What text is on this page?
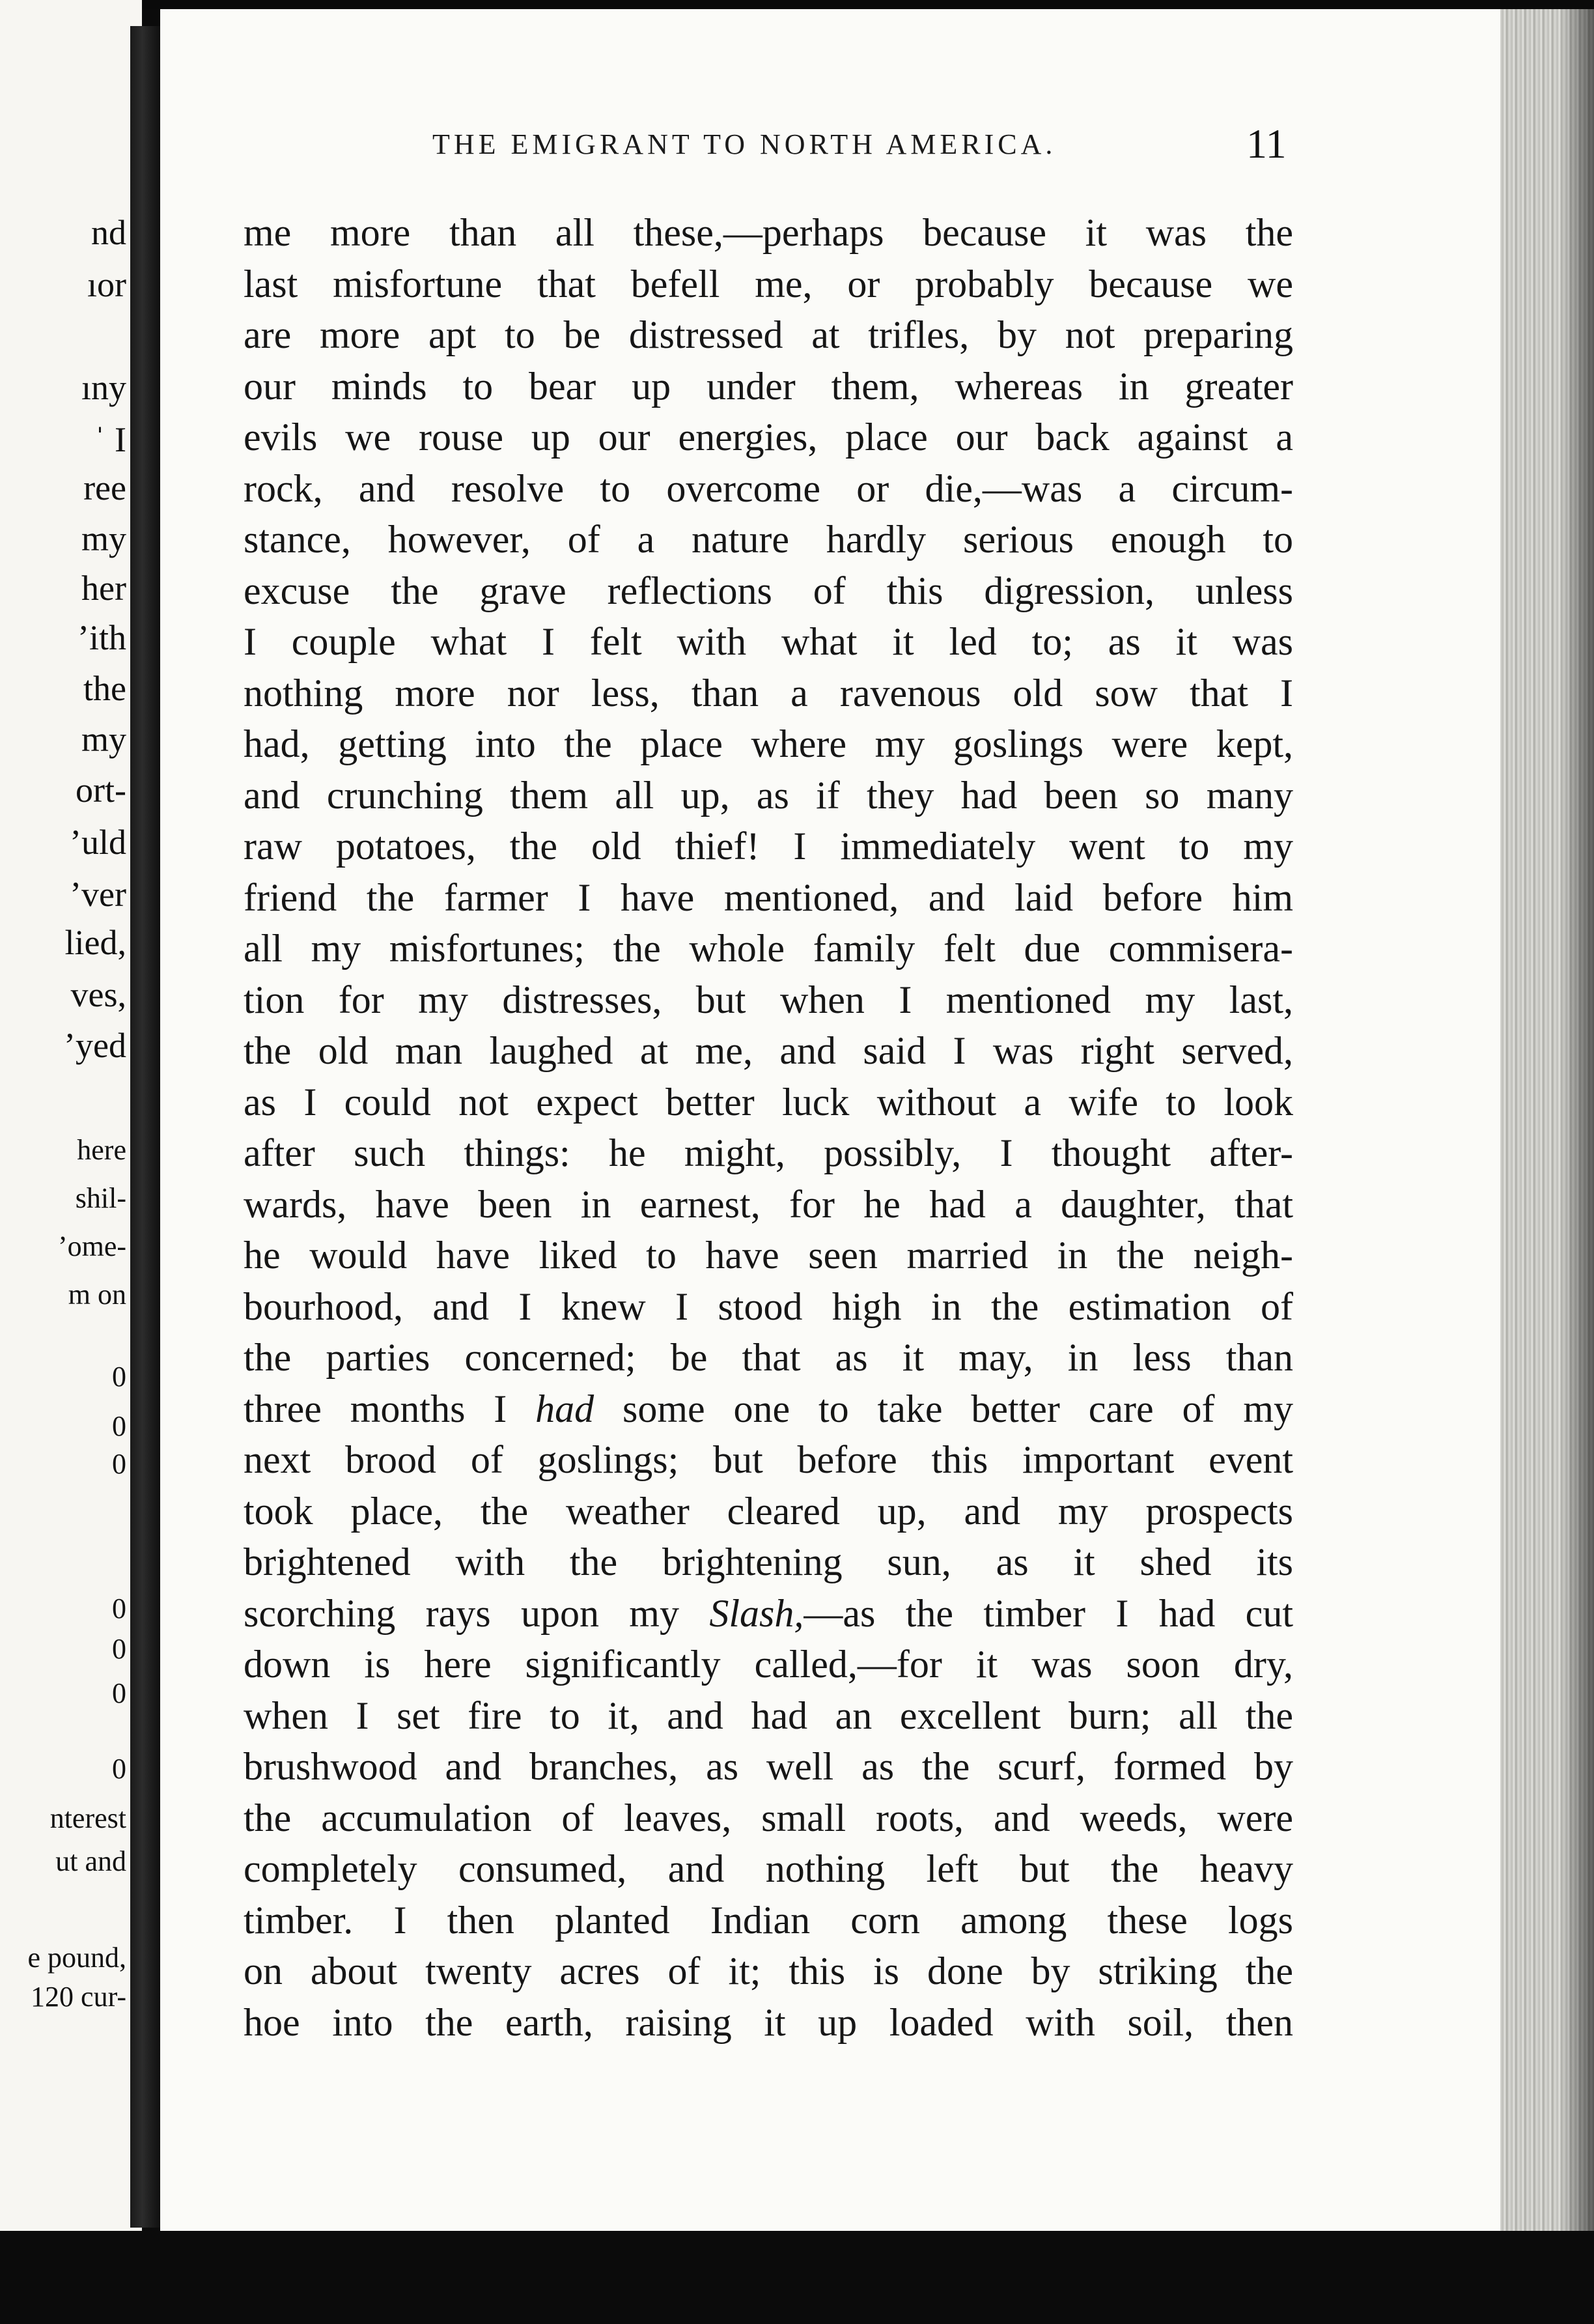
nd
ıor
ıny
ˈ I
ree
my
her
ʼith
the
my
ort-
ʼuld
ʼver
lied,
ves,
ʼyed
here
shil-
ʼome-
m on
0
0
0
0
0
0
0
nterest
ut and
e pound,
120 cur-
THE EMIGRANT TO NORTH AMERICA.	11
me more than all these,—perhaps because it was the
last misfortune that befell me, or probably because we
are more apt to be distressed at trifles, by not preparing
our minds to bear up under them, whereas in greater
evils we rouse up our energies, place our back against a
rock, and resolve to overcome or die,—was a circum-
stance, however, of a nature hardly serious enough to
excuse the grave reflections of this digression, unless
I couple what I felt with what it led to; as it was
nothing more nor less, than a ravenous old sow that I
had, getting into the place where my goslings were kept,
and crunching them all up, as if they had been so many
raw potatoes, the old thief! I immediately went to my
friend the farmer I have mentioned, and laid before him
all my misfortunes; the whole family felt due commisera-
tion for my distresses, but when I mentioned my last,
the old man laughed at me, and said I was right served,
as I could not expect better luck without a wife to look
after such things: he might, possibly, I thought after-
wards, have been in earnest, for he had a daughter, that
he would have liked to have seen married in the neigh-
bourhood, and I knew I stood high in the estimation of
the parties concerned; be that as it may, in less than
three months I had some one to take better care of my
next brood of goslings; but before this important event
took place, the weather cleared up, and my prospects
brightened with the brightening sun, as it shed its
scorching rays upon my Slash,—as the timber I had cut
down is here significantly called,—for it was soon dry,
when I set fire to it, and had an excellent burn; all the
brushwood and branches, as well as the scurf, formed by
the accumulation of leaves, small roots, and weeds, were
completely consumed, and nothing left but the heavy
timber. I then planted Indian corn among these logs
on about twenty acres of it; this is done by striking the
hoe into the earth, raising it up loaded with soil, then
